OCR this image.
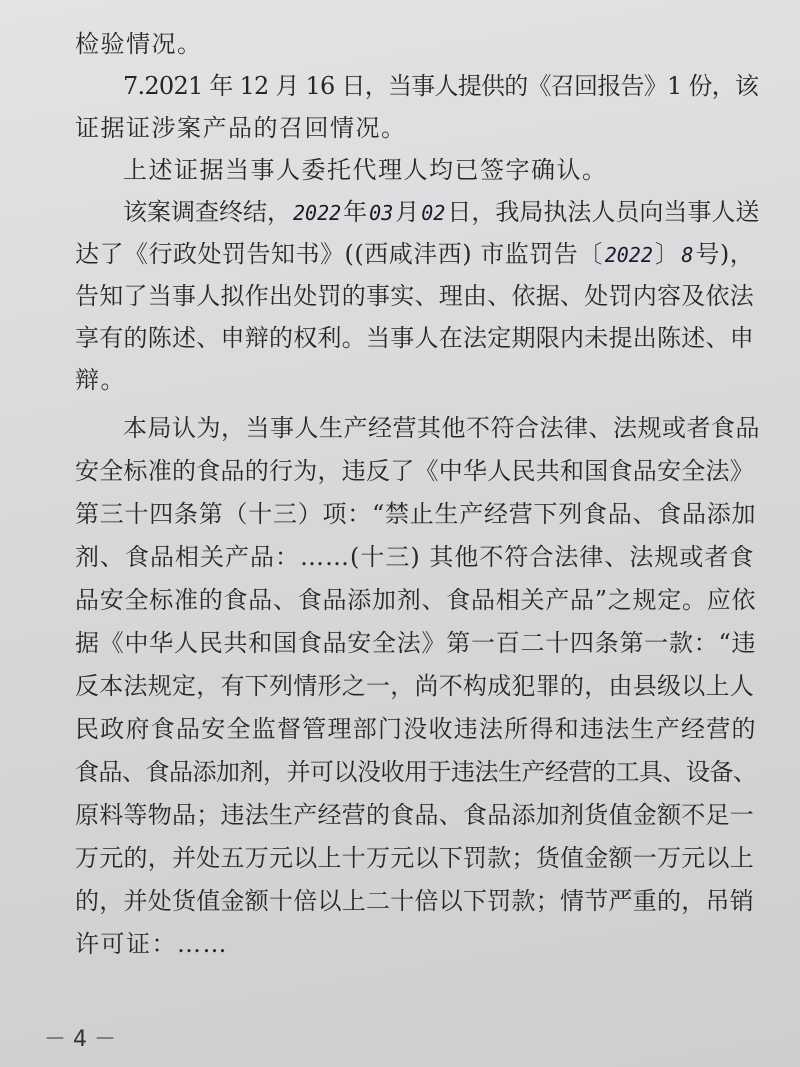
检验情况。
7.2021 年 12 月 16 日，当事人提供的《召回报告》1 份，该
证据证涉案产品的召回情况。
上述证据当事人委托代理人均已签字确认。
该案调查终结， 2022年 03月 02日，我局执法人员向当事人送
达了《行政处罚告知书》((西咸沣西) 市监罚告〔 2022〕 8号)，
告知了当事人拟作出处罚的事实、理由、依据、处罚内容及依法
享有的陈述、申辩的权利。当事人在法定期限内未提出陈述、申
辩。
本局认为，当事人生产经营其他不符合法律、法规或者食品
安全标准的食品的行为，违反了《中华人民共和国食品安全法》
第三十四条第（十三）项：“禁止生产经营下列食品、食品添加
剂、食品相关产品：……(十三) 其他不符合法律、法规或者食
品安全标准的食品、食品添加剂、食品相关产品”之规定。应依
据《中华人民共和国食品安全法》第一百二十四条第一款：“违
反本法规定，有下列情形之一，尚不构成犯罪的，由县级以上人
民政府食品安全监督管理部门没收违法所得和违法生产经营的
食品、食品添加剂，并可以没收用于违法生产经营的工具、设备、
原料等物品；违法生产经营的食品、食品添加剂货值金额不足一
万元的，并处五万元以上十万元以下罚款；货值金额一万元以上
的，并处货值金额十倍以上二十倍以下罚款；情节严重的，吊销
许可证：……
－ 4 －
